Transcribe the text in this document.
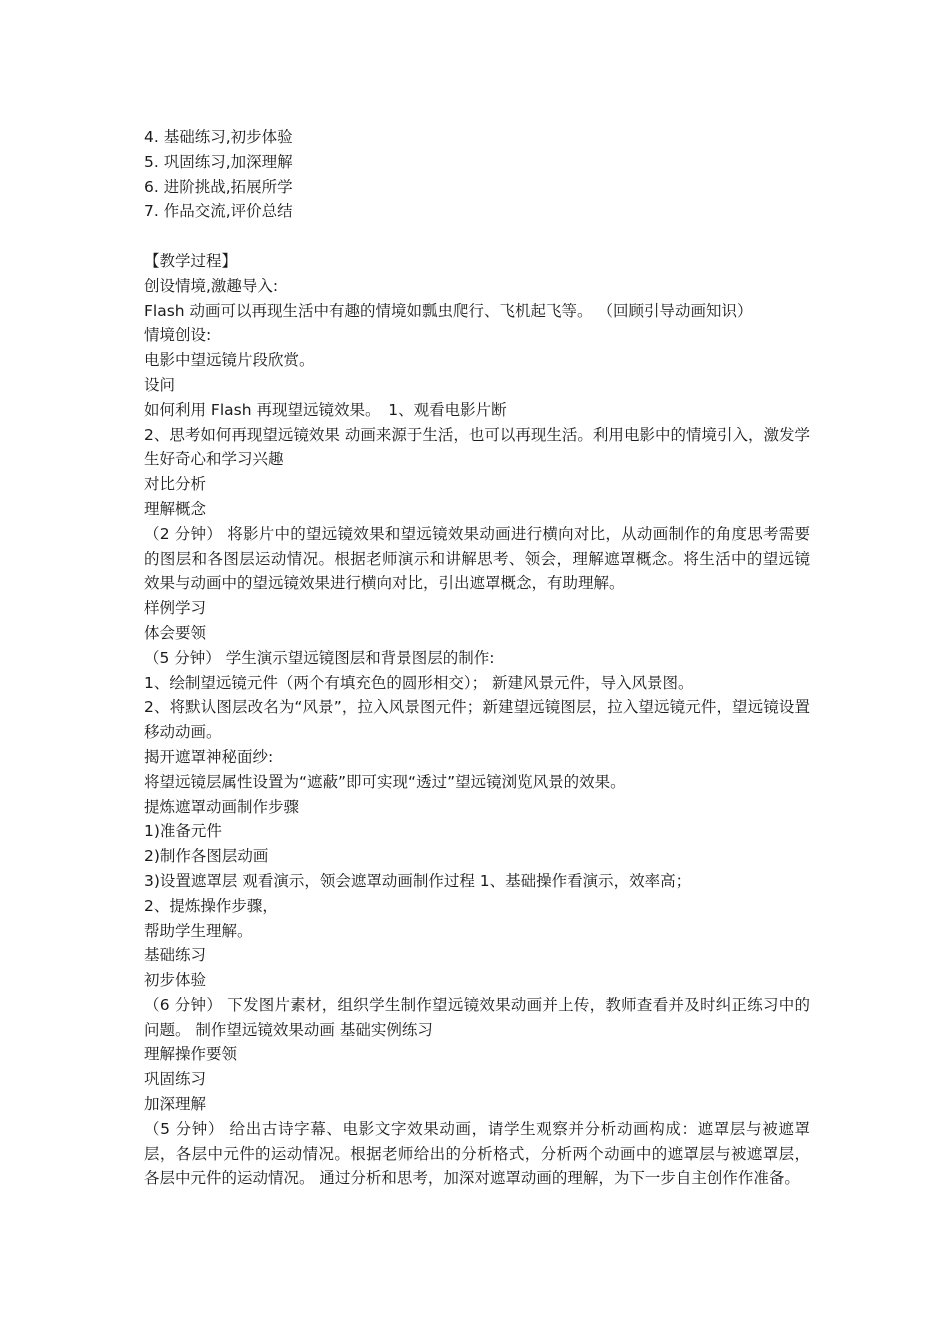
4. 基础练习,初步体验

5. 巩固练习,加深理解

6. 进阶挑战,拓展所学

7. 作品交流,评价总结

【教学过程】

创设情境,激趣导入:

Flash 动画可以再现生活中有趣的情境如瓢虫爬行、飞机起飞等。 （回顾引导动画知识）

情境创设:

电影中望远镜片段欣赏。

设问

如何利用 Flash 再现望远镜效果。　1、观看电影片断

2、思考如何再现望远镜效果 动画来源于生活，也可以再现生活。利用电影中的情境引入，激发学生好奇心和学习兴趣

对比分析

理解概念

（2 分钟） 将影片中的望远镜效果和望远镜效果动画进行横向对比，从动画制作的角度思考需要的图层和各图层运动情况。根据老师演示和讲解思考、领会，理解遮罩概念。将生活中的望远镜效果与动画中的望远镜效果进行横向对比，引出遮罩概念，有助理解。

样例学习

体会要领

（5 分钟） 学生演示望远镜图层和背景图层的制作:

1、绘制望远镜元件（两个有填充色的圆形相交）； 新建风景元件，导入风景图。

2、将默认图层改名为“风景”，拉入风景图元件；新建望远镜图层，拉入望远镜元件，望远镜设置移动动画。

揭开遮罩神秘面纱:

将望远镜层属性设置为“遮蔽”即可实现“透过”望远镜浏览风景的效果。

提炼遮罩动画制作步骤

1)准备元件

2)制作各图层动画

3)设置遮罩层 观看演示，领会遮罩动画制作过程 1、基础操作看演示，效率高；

2、提炼操作步骤，

帮助学生理解。

基础练习

初步体验

（6 分钟） 下发图片素材，组织学生制作望远镜效果动画并上传，教师查看并及时纠正练习中的问题。 制作望远镜效果动画 基础实例练习

理解操作要领

巩固练习

加深理解

（5 分钟） 给出古诗字幕、电影文字效果动画，请学生观察并分析动画构成：遮罩层与被遮罩层，各层中元件的运动情况。根据老师给出的分析格式，分析两个动画中的遮罩层与被遮罩层，各层中元件的运动情况。 通过分析和思考，加深对遮罩动画的理解，为下一步自主创作作准备。
